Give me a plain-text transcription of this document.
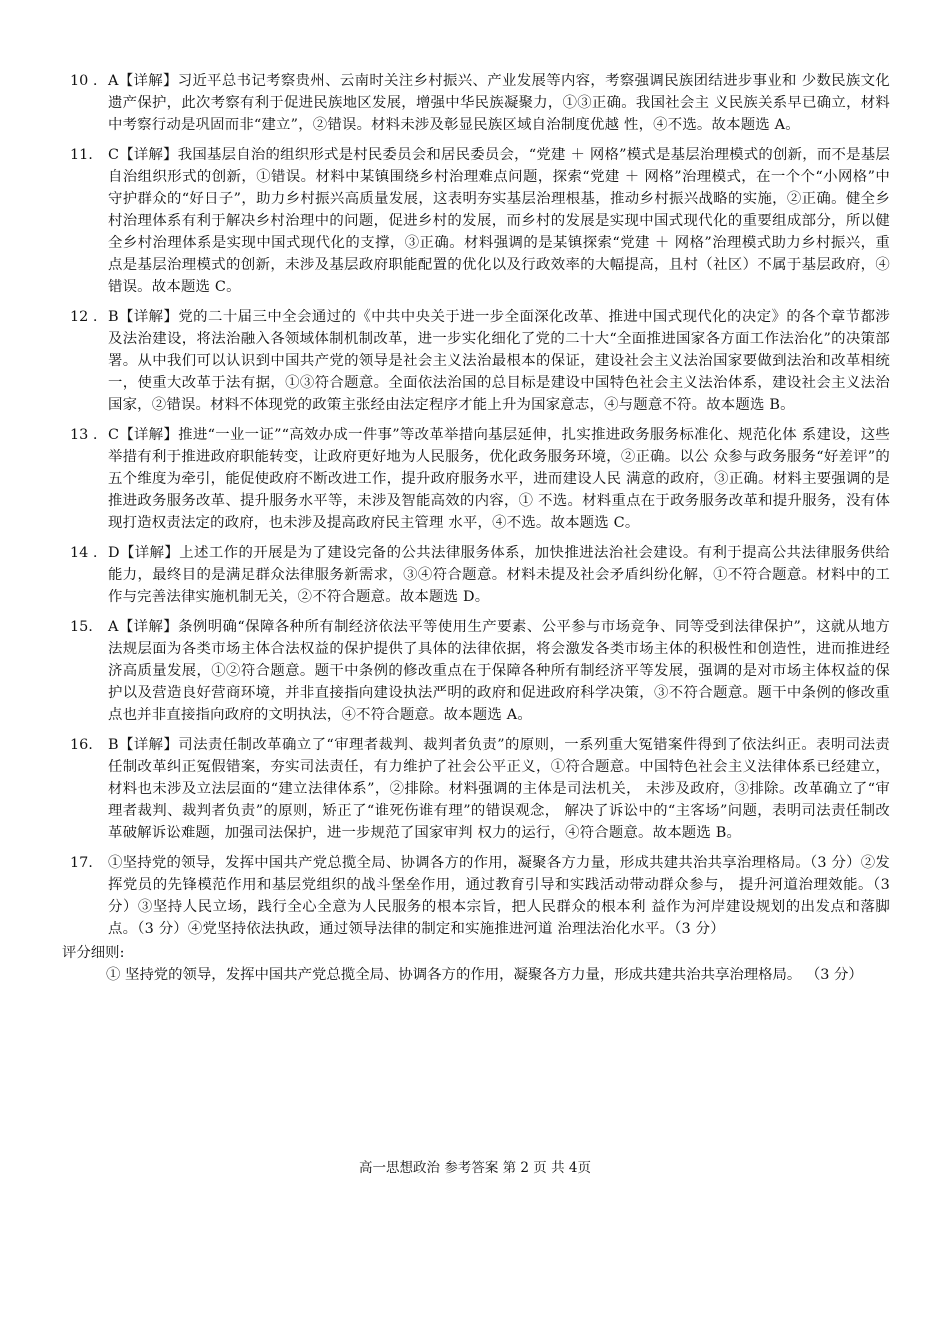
10 . A【详解】习近平总书记考察贵州、云南时关注乡村振兴、产业发展等内容，考察强调民族团结进步事业和 少数民族文化遗产保护，此次考察有利于促进民族地区发展，增强中华民族凝聚力，①③正确。我国社会主 义民族关系早已确立，材料中考察行动是巩固而非“建立”，②错误。材料未涉及彰显民族区域自治制度优越 性，④不选。故本题选 A。
11.	C【详解】我国基层自治的组织形式是村民委员会和居民委员会，“党建 ＋ 网格”模式是基层治理模式的创新，而不是基层自治组织形式的创新，①错误。材料中某镇围绕乡村治理难点问题，探索“党建 ＋ 网格”治理模式，在一个个“小网格”中守护群众的“好日子”，助力乡村振兴高质量发展，这表明夯实基层治理根基，推动乡村振兴战略的实施，②正确。健全乡村治理体系有利于解决乡村治理中的问题，促进乡村的发展，而乡村的发展是实现中国式现代化的重要组成部分，所以健全乡村治理体系是实现中国式现代化的支撑，③正确。材料强调的是某镇探索“党建 ＋ 网格”治理模式助力乡村振兴，重点是基层治理模式的创新，未涉及基层政府职能配置的优化以及行政效率的大幅提高，且村（社区）不属于基层政府，④错误。故本题选 C。
12 . B【详解】党的二十届三中全会通过的《中共中央关于进一步全面深化改革、推进中国式现代化的决定》的各个章节都涉及法治建设，将法治融入各领域体制机制改革，进一步实化细化了党的二十大“全面推进国家各方面工作法治化”的决策部署。从中我们可以认识到中国共产党的领导是社会主义法治最根本的保证，建设社会主义法治国家要做到法治和改革相统一，使重大改革于法有据，①③符合题意。全面依法治国的总目标是建设中国特色社会主义法治体系，建设社会主义法治国家，②错误。材料不体现党的政策主张经由法定程序才能上升为国家意志，④与题意不符。故本题选 B。
13 . C【详解】推进“一业一证”“高效办成一件事”等改革举措向基层延伸，扎实推进政务服务标准化、规范化体 系建设，这些举措有利于推进政府职能转变，让政府更好地为人民服务，优化政务服务环境，②正确。以公 众参与政务服务“好差评”的五个维度为牵引，能促使政府不断改进工作，提升政府服务水平，进而建设人民 满意的政府，③正确。材料主要强调的是推进政务服务改革、提升服务水平等，未涉及智能高效的内容，① 不选。材料重点在于政务服务改革和提升服务，没有体现打造权责法定的政府，也未涉及提高政府民主管理 水平，④不选。故本题选 C。
14 . D【详解】上述工作的开展是为了建设完备的公共法律服务体系，加快推进法治社会建设。有利于提高公共法律服务供给能力，最终目的是满足群众法律服务新需求，③④符合题意。材料未提及社会矛盾纠纷化解，①不符合题意。材料中的工作与完善法律实施机制无关，②不符合题意。故本题选 D。
15.	A【详解】条例明确“保障各种所有制经济依法平等使用生产要素、公平参与市场竞争、同等受到法律保护”，这就从地方法规层面为各类市场主体合法权益的保护提供了具体的法律依据，将会激发各类市场主体的积极性和创造性，进而推进经济高质量发展，①②符合题意。题干中条例的修改重点在于保障各种所有制经济平等发展，强调的是对市场主体权益的保护以及营造良好营商环境，并非直接指向建设执法严明的政府和促进政府科学决策，③不符合题意。题干中条例的修改重点也并非直接指向政府的文明执法，④不符合题意。故本题选 A。
16.	B【详解】司法责任制改革确立了“审理者裁判、裁判者负责”的原则，一系列重大冤错案件得到了依法纠正。表明司法责任制改革纠正冤假错案，夯实司法责任，有力维护了社会公平正义，①符合题意。中国特色社会主义法律体系已经建立，材料也未涉及立法层面的“建立法律体系”，②排除。材料强调的主体是司法机关， 未涉及政府，③排除。改革确立了“审理者裁判、裁判者负责”的原则，矫正了“谁死伤谁有理”的错误观念， 解决了诉讼中的“主客场”问题，表明司法责任制改革破解诉讼难题，加强司法保护，进一步规范了国家审判 权力的运行，④符合题意。故本题选 B。
17.	①坚持党的领导，发挥中国共产党总揽全局、协调各方的作用，凝聚各方力量，形成共建共治共享治理格局。（3 分）②发挥党员的先锋模范作用和基层党组织的战斗堡垒作用，通过教育引导和实践活动带动群众参与， 提升河道治理效能。（3 分）③坚持人民立场，践行全心全意为人民服务的根本宗旨，把人民群众的根本利 益作为河岸建设规划的出发点和落脚点。（3 分）④党坚持依法执政，通过领导法律的制定和实施推进河道 治理法治化水平。（3 分）
评分细则:
① 坚持党的领导，发挥中国共产党总揽全局、协调各方的作用，凝聚各方力量，形成共建共治共享治理格局。 （3 分）
高一思想政治 参考答案 第 2 页 共 4页
